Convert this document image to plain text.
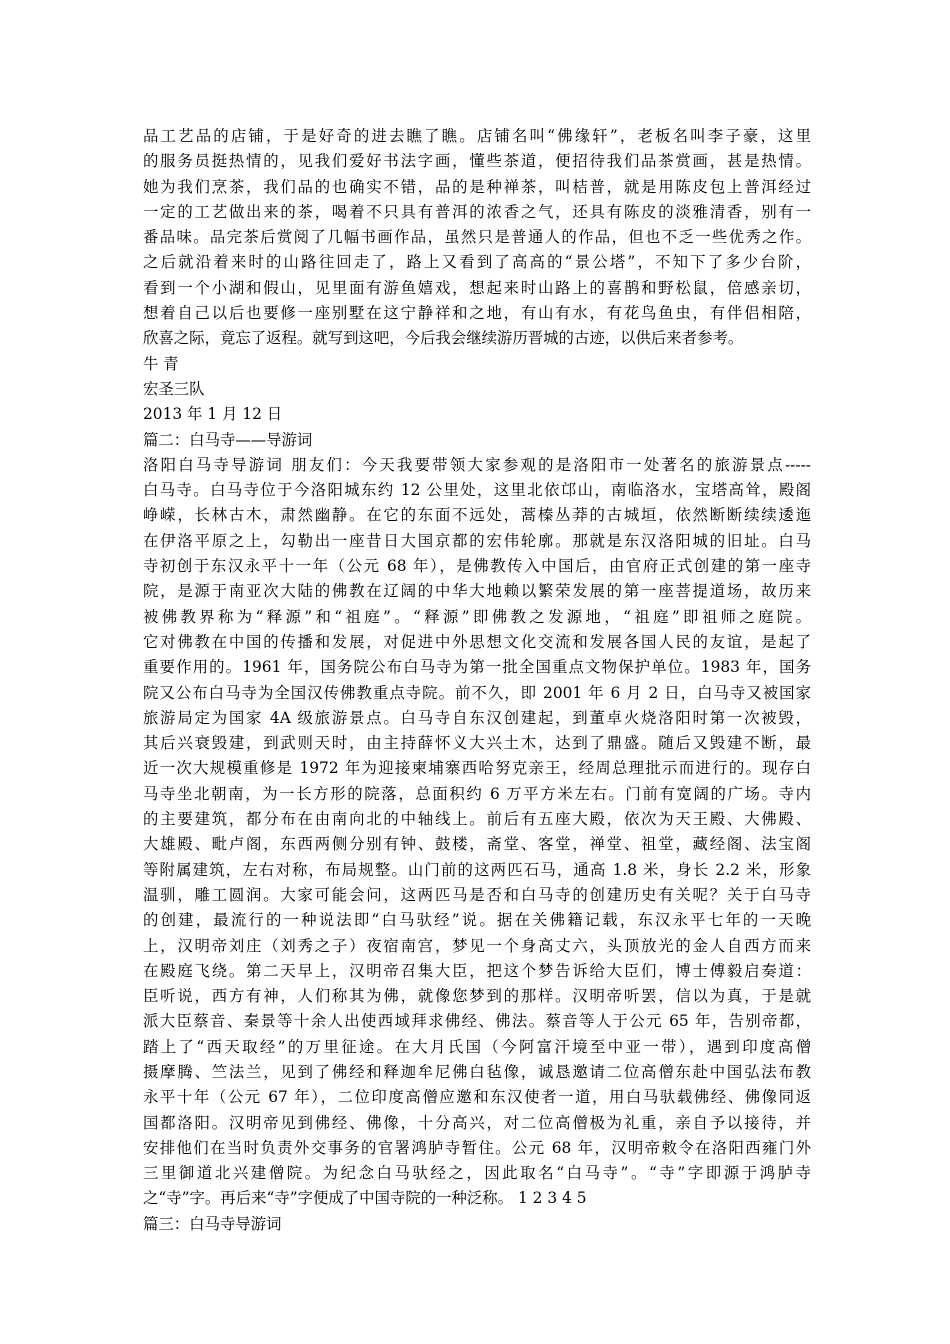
品工艺品的店铺，于是好奇的进去瞧了瞧。店铺名叫“佛缘轩”，老板名叫李子豪，这里
的服务员挺热情的，见我们爱好书法字画，懂些茶道，便招待我们品茶赏画，甚是热情。
她为我们烹茶，我们品的也确实不错，品的是种禅茶，叫桔普，就是用陈皮包上普洱经过
一定的工艺做出来的茶，喝着不只具有普洱的浓香之气，还具有陈皮的淡雅清香，别有一
番品味。品完茶后赏阅了几幅书画作品，虽然只是普通人的作品，但也不乏一些优秀之作。
之后就沿着来时的山路往回走了，路上又看到了高高的“景公塔”，不知下了多少台阶，
看到一个小湖和假山，见里面有游鱼嬉戏，想起来时山路上的喜鹊和野松鼠，倍感亲切，
想着自己以后也要修一座别墅在这宁静祥和之地，有山有水，有花鸟鱼虫，有伴侣相陪，
欣喜之际，竟忘了返程。就写到这吧，今后我会继续游历晋城的古迹，以供后来者参考。
牛 青
宏圣三队
2013 年 1 月 12 日
篇二：白马寺——导游词
洛阳白马寺导游词 朋友们：今天我要带领大家参观的是洛阳市一处著名的旅游景点-----
白马寺。白马寺位于今洛阳城东约 12 公里处，这里北依邙山，南临洛水，宝塔高耸，殿阁
峥嵘，长林古木，肃然幽静。在它的东面不远处，蒿榛丛莽的古城垣，依然断断续续逶迤
在伊洛平原之上，勾勒出一座昔日大国京都的宏伟轮廓。那就是东汉洛阳城的旧址。白马
寺初创于东汉永平十一年（公元 68 年），是佛教传入中国后，由官府正式创建的第一座寺
院，是源于南亚次大陆的佛教在辽阔的中华大地赖以繁荣发展的第一座菩提道场，故历来
被佛教界称为“释源”和“祖庭”。“释源”即佛教之发源地，“祖庭”即祖师之庭院。
它对佛教在中国的传播和发展，对促进中外思想文化交流和发展各国人民的友谊，是起了
重要作用的。1961 年，国务院公布白马寺为第一批全国重点文物保护单位。1983 年，国务
院又公布白马寺为全国汉传佛教重点寺院。前不久，即 2001 年 6 月 2 日，白马寺又被国家
旅游局定为国家 4A 级旅游景点。白马寺自东汉创建起，到董卓火烧洛阳时第一次被毁，
其后兴衰毁建，到武则天时，由主持薛怀义大兴土木，达到了鼎盛。随后又毁建不断，最
近一次大规模重修是 1972 年为迎接柬埔寨西哈努克亲王，经周总理批示而进行的。现存白
马寺坐北朝南，为一长方形的院落，总面积约 6 万平方米左右。门前有宽阔的广场。寺内
的主要建筑，都分布在由南向北的中轴线上。前后有五座大殿，依次为天王殿、大佛殿、
大雄殿、毗卢阁，东西两侧分别有钟、鼓楼，斋堂、客堂，禅堂、祖堂，藏经阁、法宝阁
等附属建筑，左右对称，布局规整。山门前的这两匹石马，通高 1.8 米，身长 2.2 米，形象
温驯，雕工圆润。大家可能会问，这两匹马是否和白马寺的创建历史有关呢？关于白马寺
的创建，最流行的一种说法即“白马驮经”说。据在关佛籍记载，东汉永平七年的一天晚
上，汉明帝刘庄（刘秀之子）夜宿南宫，梦见一个身高丈六，头顶放光的金人自西方而来
在殿庭飞绕。第二天早上，汉明帝召集大臣，把这个梦告诉给大臣们，博士傅毅启奏道：
臣听说，西方有神，人们称其为佛，就像您梦到的那样。汉明帝听罢，信以为真，于是就
派大臣蔡音、秦景等十余人出使西域拜求佛经、佛法。蔡音等人于公元 65 年，告别帝都，
踏上了“西天取经”的万里征途。在大月氏国（今阿富汗境至中亚一带），遇到印度高僧
摄摩腾、竺法兰，见到了佛经和释迦牟尼佛白毡像，诚恳邀请二位高僧东赴中国弘法布教
永平十年（公元 67 年），二位印度高僧应邀和东汉使者一道，用白马驮载佛经、佛像同返
国都洛阳。汉明帝见到佛经、佛像，十分高兴，对二位高僧极为礼重，亲自予以接待，并
安排他们在当时负责外交事务的官署鸿胪寺暂住。公元 68 年，汉明帝敕令在洛阳西雍门外
三里御道北兴建僧院。为纪念白马驮经之，因此取名“白马寺”。“寺”字即源于鸿胪寺
之“寺”字。再后来“寺”字便成了中国寺院的一种泛称。 1 2 3 4 5
篇三：白马寺导游词
